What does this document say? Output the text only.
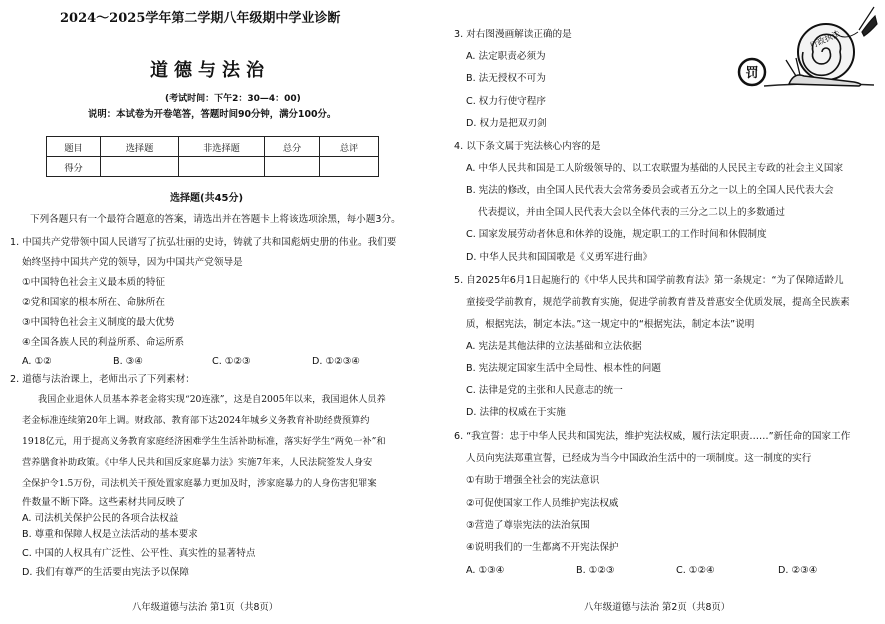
2024～2025学年第二学期八年级期中学业诊断
道德与法治
(考试时间：下午2：30—4：00)
说明：本试卷为开卷笔答，答题时间90分钟，满分100分。
题目	选择题	非选择题	总分	总评
得分				
选择题(共45分)
下列各题只有一个最符合题意的答案，请选出并在答题卡上将该选项涂黑，每小题3分。
1. 中国共产党带领中国人民谱写了抗弘壮丽的史诗，铸就了共和国彪炳史册的伟业。我们要
始终坚持中国共产党的领导，因为中国共产党领导是
①中国特色社会主义最本质的特征
②党和国家的根本所在、命脉所在
③中国特色社会主义制度的最大优势
④全国各族人民的利益所系、命运所系
A. ①②	B. ③④	C. ①②③	D. ①②③④
2. 道德与法治课上，老师出示了下列素材：
我国企业退休人员基本养老金将实现“20连涨”，这是自2005年以来，我国退休人员养
老金标准连续第20年上调。财政部、教育部下达2024年城乡义务教育补助经费预算约
1918亿元，用于提高义务教育家庭经济困难学生生活补助标准，落实好学生“两免一补”和
营养膳食补助政策。《中华人民共和国反家庭暴力法》实施7年来，人民法院签发人身安
全保护令1.5万份，司法机关干预处置家庭暴力更加及时，涉家庭暴力的人身伤害犯罪案
件数量不断下降。这些素材共同反映了
A. 司法机关保护公民的各项合法权益
B. 尊重和保障人权是立法活动的基本要求
C. 中国的人权具有广泛性、公平性、真实性的显著特点
D. 我们有尊严的生活要由宪法予以保障
八年级道德与法治 第1页（共8页）
3. 对右图漫画解读正确的是
A. 法定职责必须为
B. 法无授权不可为
C. 权力行使守程序
D. 权力是把双刃剑
行政执法
罚
4. 以下条文属于宪法核心内容的是
A. 中华人民共和国是工人阶级领导的、以工农联盟为基础的人民民主专政的社会主义国家
B. 宪法的修改，由全国人民代表大会常务委员会或者五分之一以上的全国人民代表大会
代表提议，并由全国人民代表大会以全体代表的三分之二以上的多数通过
C. 国家发展劳动者休息和休养的设施，规定职工的工作时间和休假制度
D. 中华人民共和国国歌是《义勇军进行曲》
5. 自2025年6月1日起施行的《中华人民共和国学前教育法》第一条规定：“为了保障适龄儿
童接受学前教育，规范学前教育实施，促进学前教育普及普惠安全优质发展，提高全民族素
质，根据宪法，制定本法。”这一规定中的“根据宪法，制定本法”说明
A. 宪法是其他法律的立法基础和立法依据
B. 宪法规定国家生活中全局性、根本性的问题
C. 法律是党的主张和人民意志的统一
D. 法律的权威在于实施
6. “我宣誓：忠于中华人民共和国宪法，维护宪法权威，履行法定职责……”新任命的国家工作
人员向宪法郑重宣誓，已经成为当今中国政治生活中的一项制度。这一制度的实行
①有助于增强全社会的宪法意识
②可促使国家工作人员维护宪法权威
③营造了尊崇宪法的法治氛围
④说明我们的一生都离不开宪法保护
A. ①③④	B. ①②③	C. ①②④	D. ②③④
八年级道德与法治 第2页（共8页）
